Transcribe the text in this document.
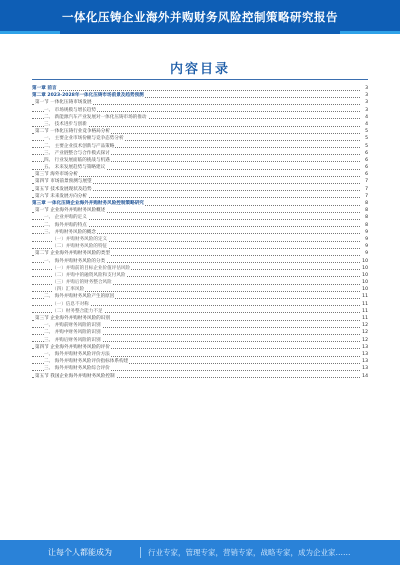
一体化压铸企业海外并购财务风险控制策略研究报告
内容目录
第一章 前言	3
第二章 2023-2028年一体化压铸市场前景及趋势预测	3
第一节 一体化压铸市场发展	3
一、 市场规模与增长趋势	3
二、 新能源汽车产业发展对一体化压铸市场的推动	4
三、 技术进步与创新	4
第二节 一体化压铸行业竞争格局分析	5
一、 主要企业市场份额与竞争态势分析	5
二、 主要企业技术创新与产品策略	5
三、 产业链整合与合作模式探讨	6
四、 行业发展面临的挑战与机遇	6
五、 未来发展趋势与策略建议	6
第三节 海外市场分析	6
第四节 市场前景预测与展望	7
第五节 技术发展现状及趋势	7
第六节 未来发展方向分析	7
第三章 一体化压铸企业海外并购财务风险控制策略研究	8
第一节 企业海外并购财务风险概述	8
一、 企业并购的定义	8
二、 海外并购的特点	8
三、 并购财务风险的概念	9
（一）并购财务风险的定义	9
（二）并购财务风险的特征	9
第二节 企业海外并购财务风险的类型	9
一、 海外并购财务风险的分类	10
（一）并购前的目标企业价值评估风险	10
（二）并购中的融资风险和支付风险	10
（三）并购后的财务整合风险	10
（四）汇率风险	10
二、 海外并购财务风险产生的原因	11
（一）信息不对称	11
（二）财务整合能力不足	11
第三节 企业海外并购财务风险的识别	11
一、 并购前财务风险的识别	12
二、 并购中财务风险的识别	12
三、 并购后财务风险的识别	12
第四节 企业海外并购财务风险的评价	13
一、 海外并购财务风险评价方法	13
二、 海外并购财务风险评价指标体系构建	13
三、 海外并购财务风险综合评价	13
第五节 我国企业海外并购财务风险控制	14
让每个人都能成为	行业专家，管理专家，营销专家，战略专家，成为企业家……
